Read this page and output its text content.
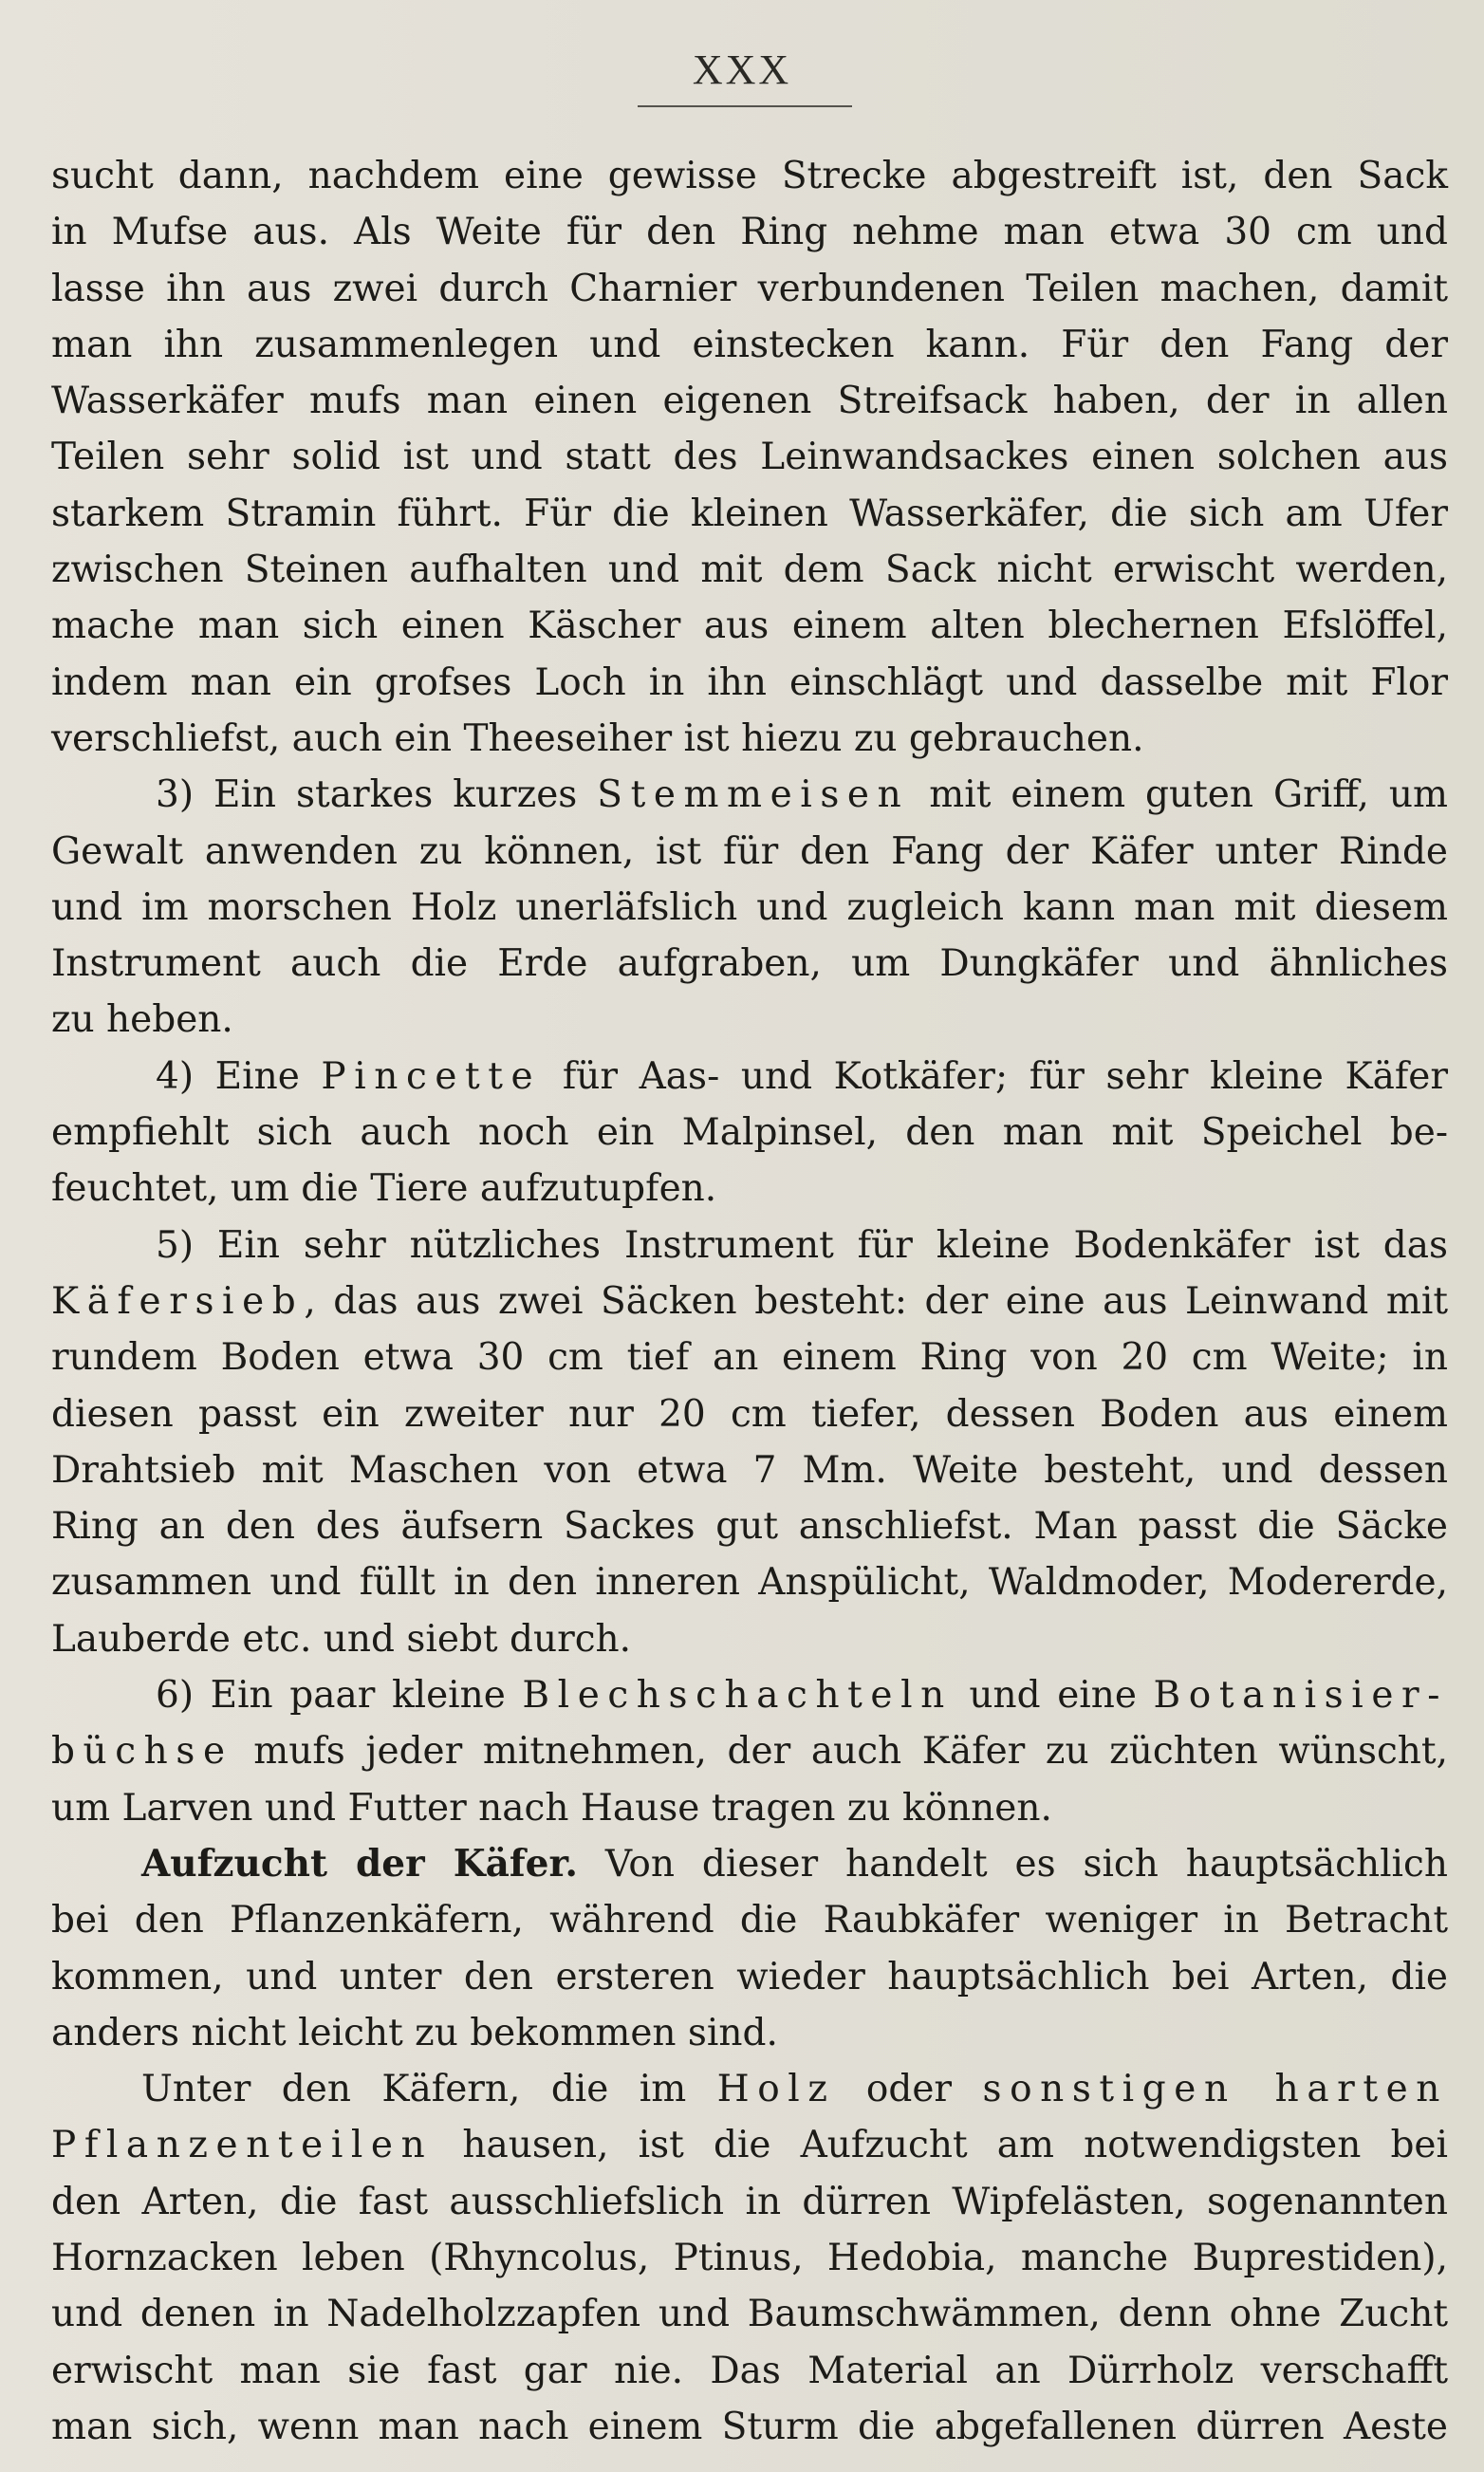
XXX
sucht dann, nachdem eine gewisse Strecke abgestreift ist, den Sack
in Mufse aus. Als Weite für den Ring nehme man etwa 30 cm und
lasse ihn aus zwei durch Charnier verbundenen Teilen machen, damit
man ihn zusammenlegen und einstecken kann. Für den Fang der
Wasserkäfer mufs man einen eigenen Streifsack haben, der in allen
Teilen sehr solid ist und statt des Leinwandsackes einen solchen aus
starkem Stramin führt. Für die kleinen Wasserkäfer, die sich am Ufer
zwischen Steinen aufhalten und mit dem Sack nicht erwischt werden,
mache man sich einen Käscher aus einem alten blechernen Efslöffel,
indem man ein grofses Loch in ihn einschlägt und dasselbe mit Flor
verschliefst, auch ein Theeseiher ist hiezu zu gebrauchen.
3) Ein starkes kurzes Stemmeisen mit einem guten Griff, um
Gewalt anwenden zu können, ist für den Fang der Käfer unter Rinde
und im morschen Holz unerläfslich und zugleich kann man mit diesem
Instrument auch die Erde aufgraben, um Dungkäfer und ähnliches
zu heben.
4) Eine Pincette für Aas- und Kotkäfer; für sehr kleine Käfer
empfiehlt sich auch noch ein Malpinsel, den man mit Speichel be-
feuchtet, um die Tiere aufzutupfen.
5) Ein sehr nützliches Instrument für kleine Bodenkäfer ist das
Käfersieb, das aus zwei Säcken besteht: der eine aus Leinwand mit
rundem Boden etwa 30 cm tief an einem Ring von 20 cm Weite; in
diesen passt ein zweiter nur 20 cm tiefer, dessen Boden aus einem
Drahtsieb mit Maschen von etwa 7 Mm. Weite besteht, und dessen
Ring an den des äufsern Sackes gut anschliefst. Man passt die Säcke
zusammen und füllt in den inneren Anspülicht, Waldmoder, Modererde,
Lauberde etc. und siebt durch.
6) Ein paar kleine Blechschachteln und eine Botanisier-
büchse mufs jeder mitnehmen, der auch Käfer zu züchten wünscht,
um Larven und Futter nach Hause tragen zu können.
Aufzucht der Käfer. Von dieser handelt es sich hauptsächlich
bei den Pflanzenkäfern, während die Raubkäfer weniger in Betracht
kommen, und unter den ersteren wieder hauptsächlich bei Arten, die
anders nicht leicht zu bekommen sind.
Unter den Käfern, die im Holz oder sonstigen harten
Pflanzenteilen hausen, ist die Aufzucht am notwendigsten bei
den Arten, die fast ausschliefslich in dürren Wipfelästen, sogenannten
Hornzacken leben (Rhyncolus, Ptinus, Hedobia, manche Buprestiden),
und denen in Nadelholzzapfen und Baumschwämmen, denn ohne Zucht
erwischt man sie fast gar nie. Das Material an Dürrholz verschafft
man sich, wenn man nach einem Sturm die abgefallenen dürren Aeste
